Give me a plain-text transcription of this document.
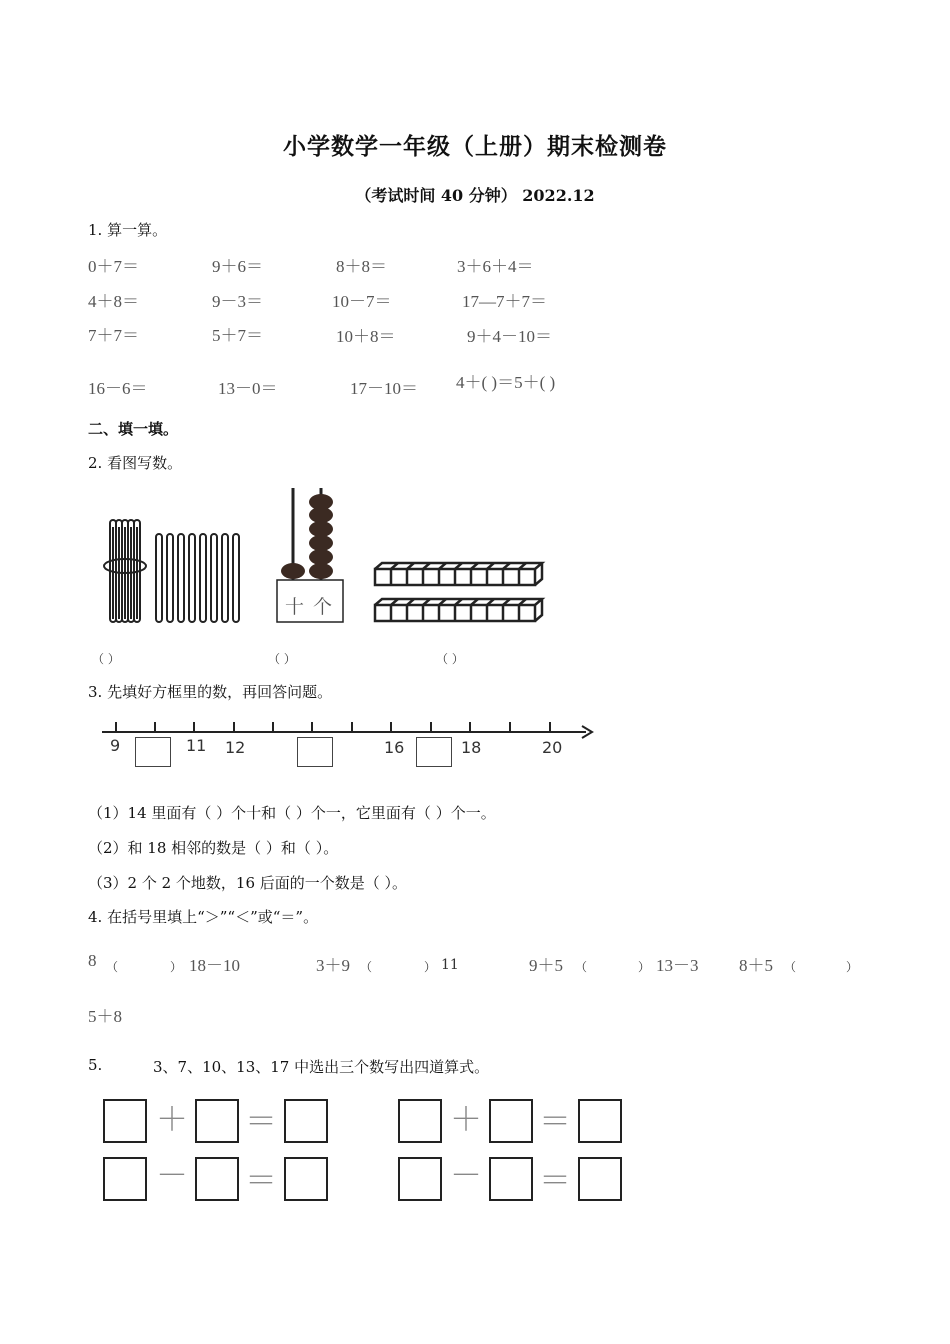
小学数学一年级（上册）期末检测卷
（考试时间 40 分钟） 2022.12
1. 算一算。
0＋7＝	9＋6＝	8＋8＝	3＋6＋4＝
4＋8＝	9－3＝	10－7＝	17—7＋7＝
7＋7＝	5＋7＝	10＋8＝	9＋4－10＝
16－6＝	13－0＝	17－10＝ 4＋( )＝5＋( )
二、填一填。
2. 看图写数。
十 个
（ ）	（ ）	（ ）
3. 先填好方框里的数，再回答问题。
9	11 12	16	18	20
（1）14 里面有（ ）个十和（ ）个一，它里面有（ ）个一。
（2）和 18 相邻的数是（ ）和（ ）。
（3）2 个 2 个地数，16 后面的一个数是（ ）。
4. 在括号里填上“＞”“＜”或“＝”。
8 （	） 18－10	3＋9 （	） 11	9＋5 （	） 13－3 8＋5 （	）
5＋8
5.	3、7、10、13、17 中选出三个数写出四道算式。
＋ ＝	＋ ＝
－ ＝	－ ＝
